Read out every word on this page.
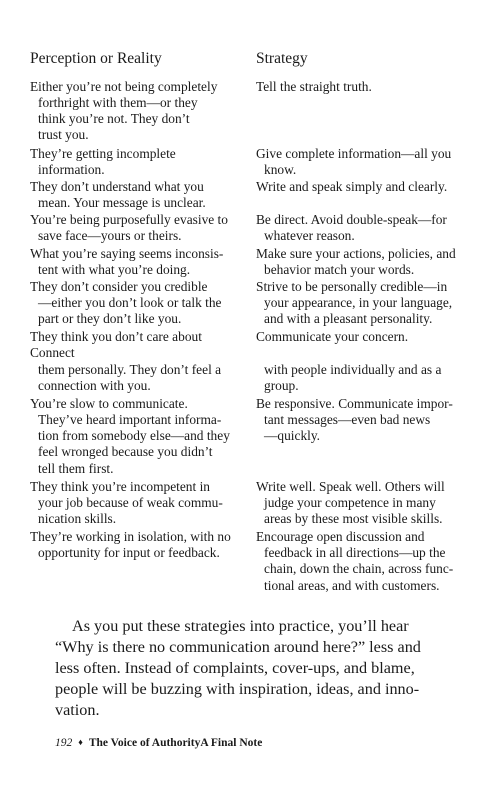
Perception or Reality	Strategy
Either you’re not being completely
forthright with them—or they
think you’re not. They don’t
trust you.
They’re getting incomplete
information.
They don’t understand what you
mean. Your message is unclear.
You’re being purposefully evasive to
save face—yours or theirs.
What you’re saying seems inconsis-
tent with what you’re doing.
They don’t consider you credible
—either you don’t look or talk the
part or they don’t like you.
They think you don’t care about
Connect
them personally. They don’t feel a
connection with you.
You’re slow to communicate.
They’ve heard important informa-
tion from somebody else—and they
feel wronged because you didn’t
tell them first.
They think you’re incompetent in
your job because of weak commu-
nication skills.
They’re working in isolation, with no
opportunity for input or feedback.
Tell the straight truth.
Give complete information—all you
know.
Write and speak simply and clearly.
Be direct. Avoid double-speak—for
whatever reason.
Make sure your actions, policies, and
behavior match your words.
Strive to be personally credible—in
your appearance, in your language,
and with a pleasant personality.
Communicate your concern.
with people individually and as a
group.
Be responsive. Communicate impor-
tant messages—even bad news
—quickly.
Write well. Speak well. Others will
judge your competence in many
areas by these most visible skills.
Encourage open discussion and
feedback in all directions—up the
chain, down the chain, across func-
tional areas, and with customers.
As you put these strategies into practice, you’ll hear
“Why is there no communication around here?” less and
less often. Instead of complaints, cover-ups, and blame,
people will be buzzing with inspiration, ideas, and inno-
vation.
192 ♦ The Voice of AuthorityA Final Note
